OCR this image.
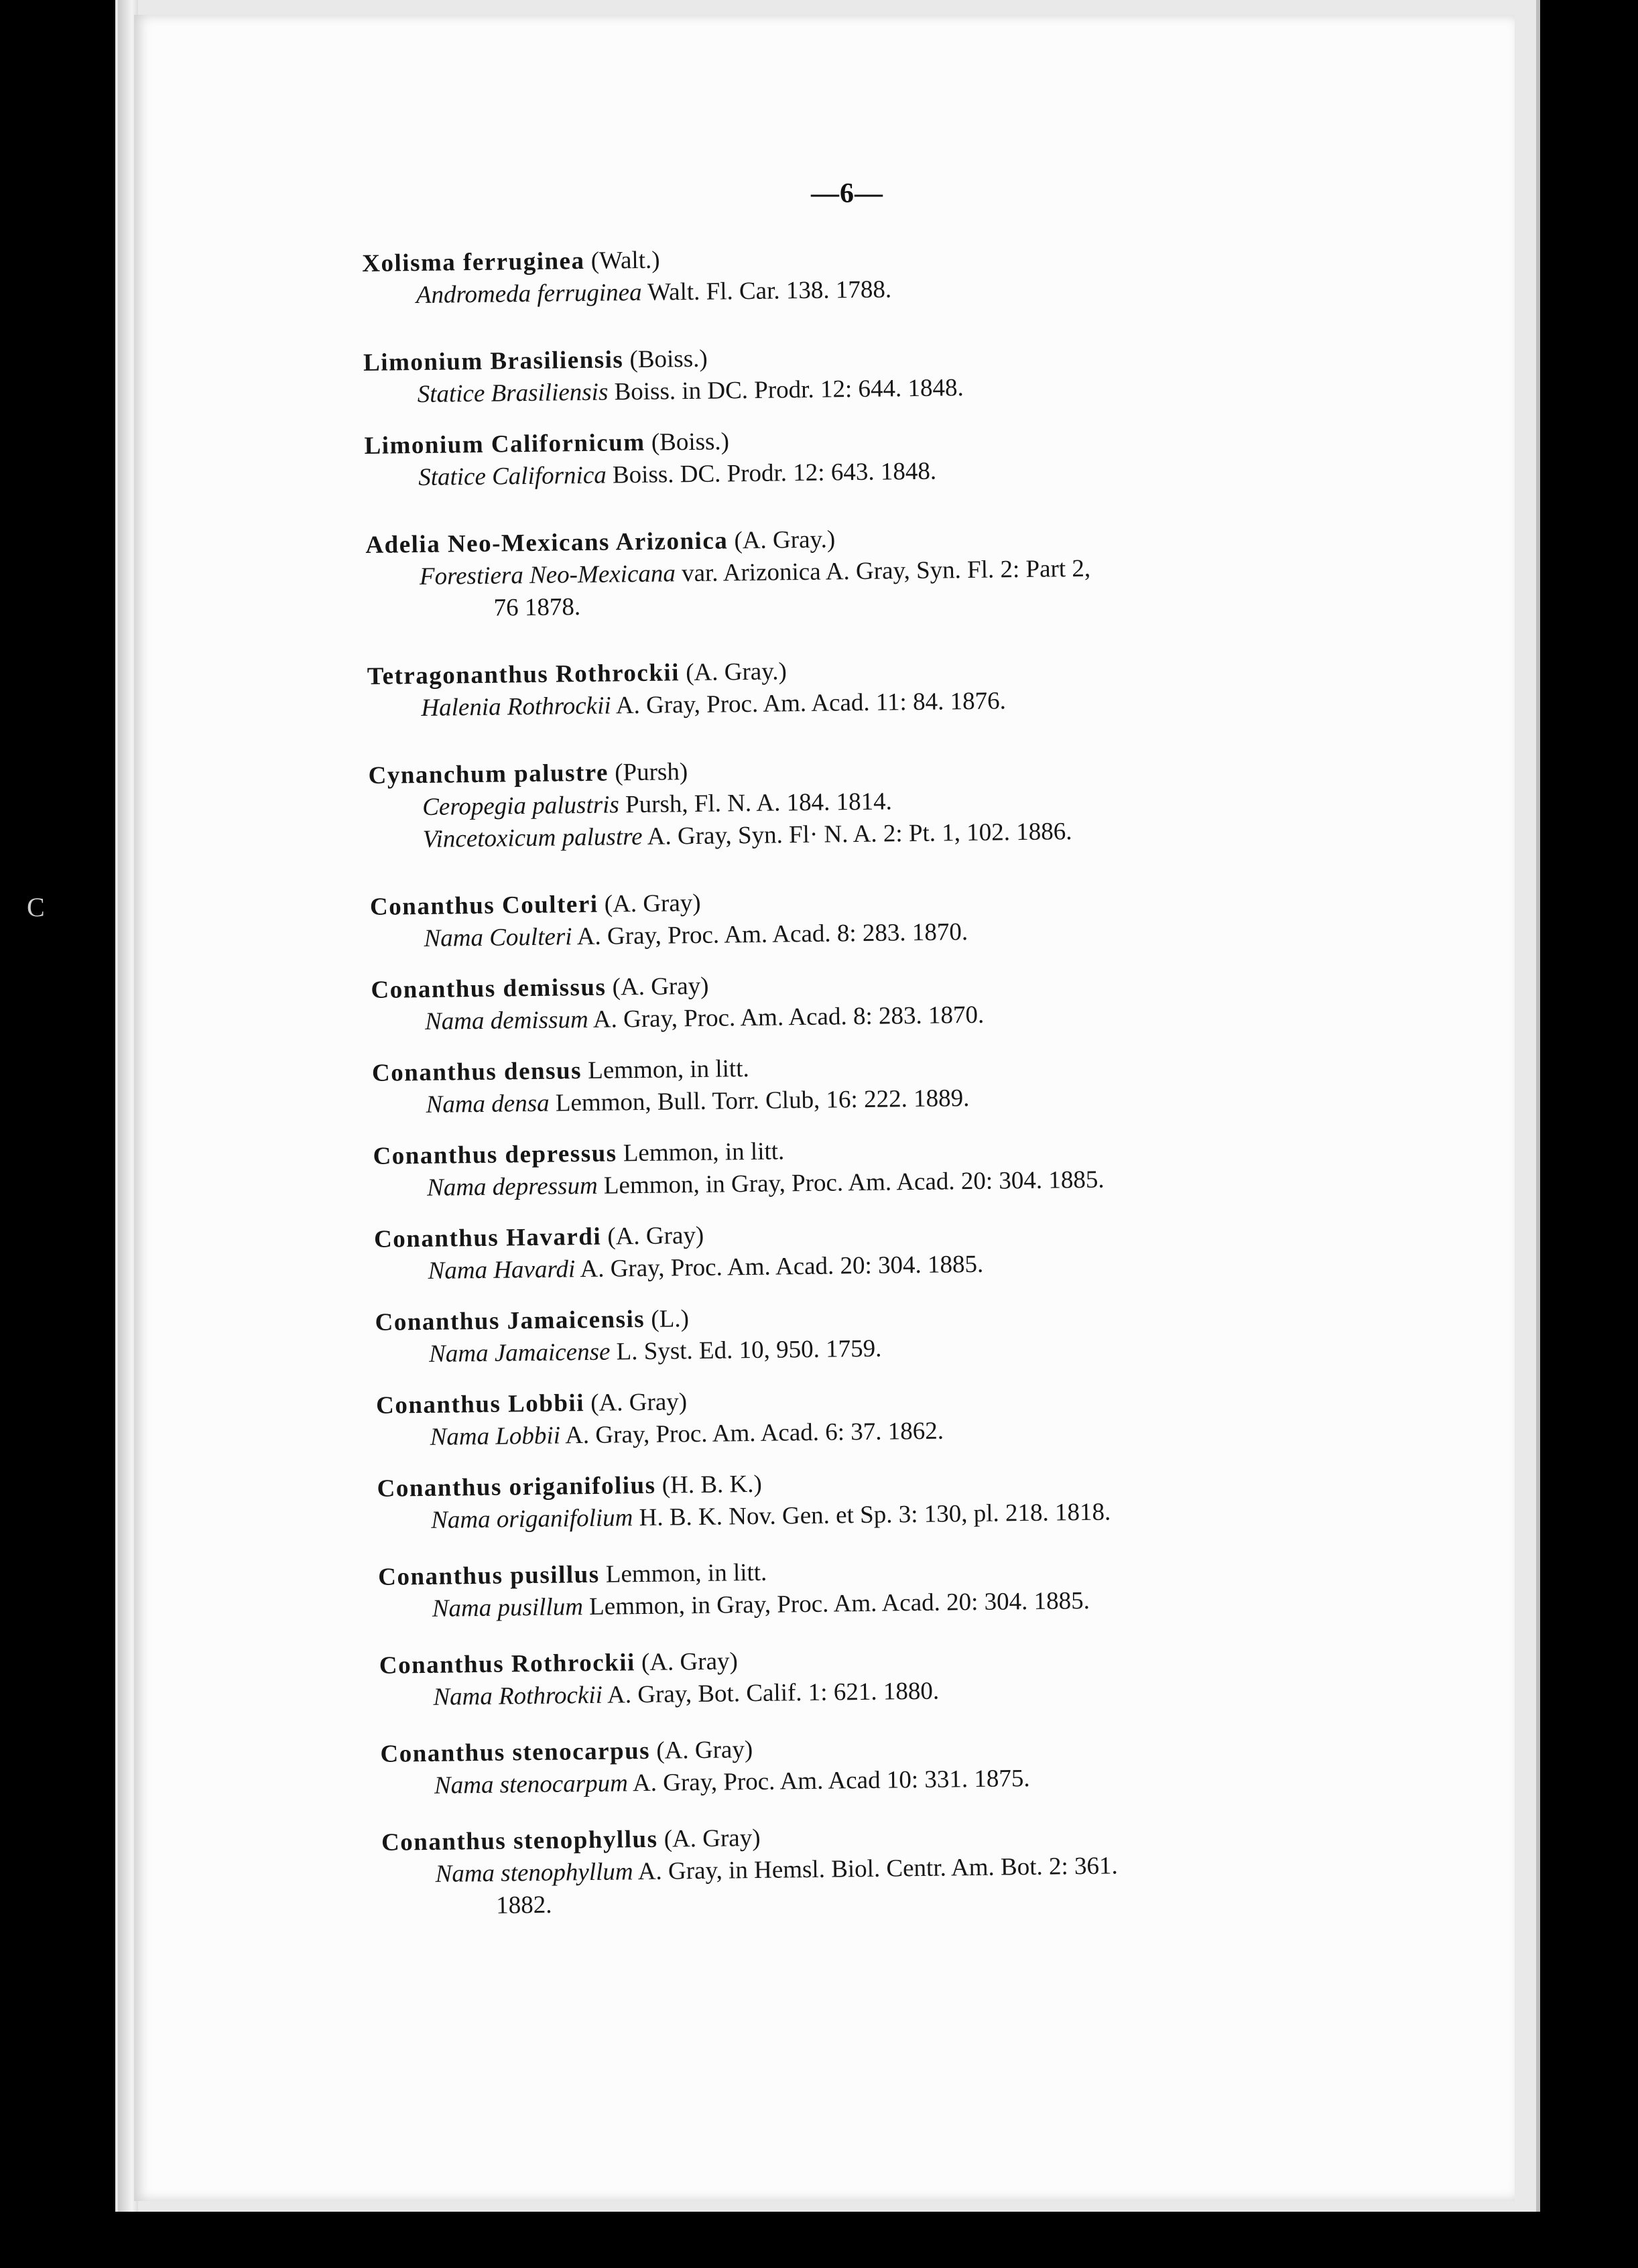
C
—6—
Xolisma ferruginea (Walt.)
Andromeda ferruginea Walt. Fl. Car. 138. 1788.
Limonium Brasiliensis (Boiss.)
Statice Brasiliensis Boiss. in DC. Prodr. 12: 644. 1848.
Limonium Californicum (Boiss.)
Statice Californica Boiss. DC. Prodr. 12: 643. 1848.
Adelia Neo-Mexicans Arizonica (A. Gray.)
Forestiera Neo-Mexicana var. Arizonica A. Gray, Syn. Fl. 2: Part 2,
76 1878.
Tetragonanthus Rothrockii (A. Gray.)
Halenia Rothrockii A. Gray, Proc. Am. Acad. 11: 84. 1876.
Cynanchum palustre (Pursh)
Ceropegia palustris Pursh, Fl. N. A. 184. 1814.
Vincetoxicum palustre A. Gray, Syn. Fl· N. A. 2: Pt. 1, 102. 1886.
Conanthus Coulteri (A. Gray)
Nama Coulteri A. Gray, Proc. Am. Acad. 8: 283. 1870.
Conanthus demissus (A. Gray)
Nama demissum A. Gray, Proc. Am. Acad. 8: 283. 1870.
Conanthus densus Lemmon, in litt.
Nama densa Lemmon, Bull. Torr. Club, 16: 222. 1889.
Conanthus depressus Lemmon, in litt.
Nama depressum Lemmon, in Gray, Proc. Am. Acad. 20: 304. 1885.
Conanthus Havardi (A. Gray)
Nama Havardi A. Gray, Proc. Am. Acad. 20: 304. 1885.
Conanthus Jamaicensis (L.)
Nama Jamaicense L. Syst. Ed. 10, 950. 1759.
Conanthus Lobbii (A. Gray)
Nama Lobbii A. Gray, Proc. Am. Acad. 6: 37. 1862.
Conanthus origanifolius (H. B. K.)
Nama origanifolium H. B. K. Nov. Gen. et Sp. 3: 130, pl. 218. 1818.
Conanthus pusillus Lemmon, in litt.
Nama pusillum Lemmon, in Gray, Proc. Am. Acad. 20: 304. 1885.
Conanthus Rothrockii (A. Gray)
Nama Rothrockii A. Gray, Bot. Calif. 1: 621. 1880.
Conanthus stenocarpus (A. Gray)
Nama stenocarpum A. Gray, Proc. Am. Acad 10: 331. 1875.
Conanthus stenophyllus (A. Gray)
Nama stenophyllum A. Gray, in Hemsl. Biol. Centr. Am. Bot. 2: 361.
1882.
